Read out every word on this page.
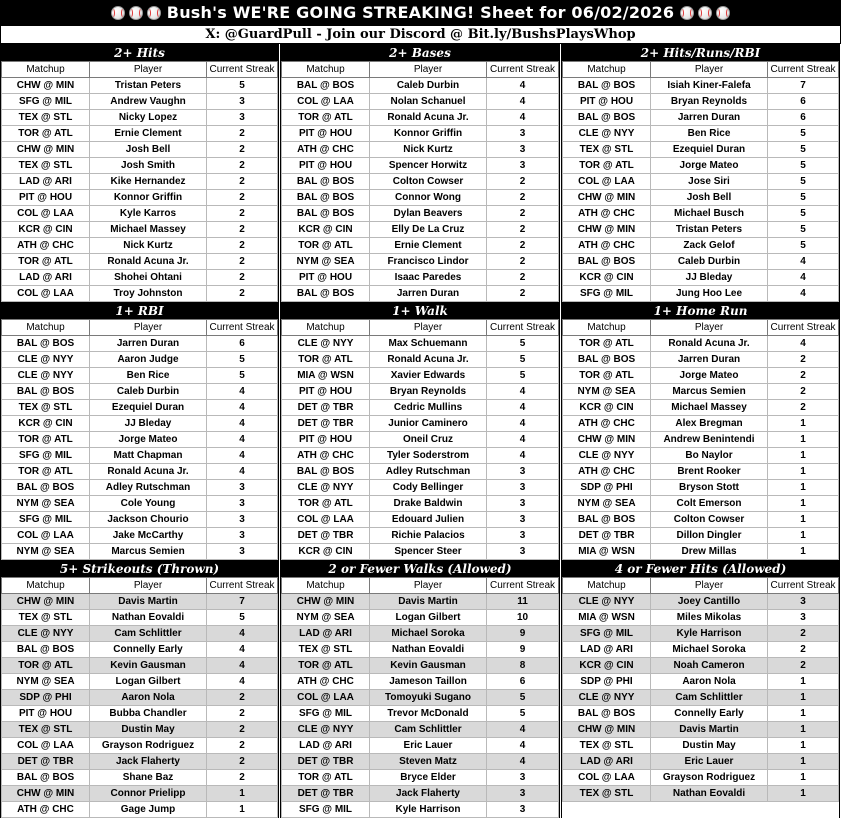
Bush's WE'RE GOING STREAKING! Sheet for 06/02/2026
X: @GuardPull - Join our Discord @ Bit.ly/BushsPlaysWhop
2+ Hits
Matchup	Player	Current Streak
CHW @ MIN	Tristan Peters	5
SFG @ MIL	Andrew Vaughn	3
TEX @ STL	Nicky Lopez	3
TOR @ ATL	Ernie Clement	2
CHW @ MIN	Josh Bell	2
TEX @ STL	Josh Smith	2
LAD @ ARI	Kike Hernandez	2
PIT @ HOU	Konnor Griffin	2
COL @ LAA	Kyle Karros	2
KCR @ CIN	Michael Massey	2
ATH @ CHC	Nick Kurtz	2
TOR @ ATL	Ronald Acuna Jr.	2
LAD @ ARI	Shohei Ohtani	2
COL @ LAA	Troy Johnston	2
2+ Bases
Matchup	Player	Current Streak
BAL @ BOS	Caleb Durbin	4
COL @ LAA	Nolan Schanuel	4
TOR @ ATL	Ronald Acuna Jr.	4
PIT @ HOU	Konnor Griffin	3
ATH @ CHC	Nick Kurtz	3
PIT @ HOU	Spencer Horwitz	3
BAL @ BOS	Colton Cowser	2
BAL @ BOS	Connor Wong	2
BAL @ BOS	Dylan Beavers	2
KCR @ CIN	Elly De La Cruz	2
TOR @ ATL	Ernie Clement	2
NYM @ SEA	Francisco Lindor	2
PIT @ HOU	Isaac Paredes	2
BAL @ BOS	Jarren Duran	2
2+ Hits/Runs/RBI
Matchup	Player	Current Streak
BAL @ BOS	Isiah Kiner-Falefa	7
PIT @ HOU	Bryan Reynolds	6
BAL @ BOS	Jarren Duran	6
CLE @ NYY	Ben Rice	5
TEX @ STL	Ezequiel Duran	5
TOR @ ATL	Jorge Mateo	5
COL @ LAA	Jose Siri	5
CHW @ MIN	Josh Bell	5
ATH @ CHC	Michael Busch	5
CHW @ MIN	Tristan Peters	5
ATH @ CHC	Zack Gelof	5
BAL @ BOS	Caleb Durbin	4
KCR @ CIN	JJ Bleday	4
SFG @ MIL	Jung Hoo Lee	4
1+ RBI
Matchup	Player	Current Streak
BAL @ BOS	Jarren Duran	6
CLE @ NYY	Aaron Judge	5
CLE @ NYY	Ben Rice	5
BAL @ BOS	Caleb Durbin	4
TEX @ STL	Ezequiel Duran	4
KCR @ CIN	JJ Bleday	4
TOR @ ATL	Jorge Mateo	4
SFG @ MIL	Matt Chapman	4
TOR @ ATL	Ronald Acuna Jr.	4
BAL @ BOS	Adley Rutschman	3
NYM @ SEA	Cole Young	3
SFG @ MIL	Jackson Chourio	3
COL @ LAA	Jake McCarthy	3
NYM @ SEA	Marcus Semien	3
1+ Walk
Matchup	Player	Current Streak
CLE @ NYY	Max Schuemann	5
TOR @ ATL	Ronald Acuna Jr.	5
MIA @ WSN	Xavier Edwards	5
PIT @ HOU	Bryan Reynolds	4
DET @ TBR	Cedric Mullins	4
DET @ TBR	Junior Caminero	4
PIT @ HOU	Oneil Cruz	4
ATH @ CHC	Tyler Soderstrom	4
BAL @ BOS	Adley Rutschman	3
CLE @ NYY	Cody Bellinger	3
TOR @ ATL	Drake Baldwin	3
COL @ LAA	Edouard Julien	3
DET @ TBR	Richie Palacios	3
KCR @ CIN	Spencer Steer	3
1+ Home Run
Matchup	Player	Current Streak
TOR @ ATL	Ronald Acuna Jr.	4
BAL @ BOS	Jarren Duran	2
TOR @ ATL	Jorge Mateo	2
NYM @ SEA	Marcus Semien	2
KCR @ CIN	Michael Massey	2
ATH @ CHC	Alex Bregman	1
CHW @ MIN	Andrew Benintendi	1
CLE @ NYY	Bo Naylor	1
ATH @ CHC	Brent Rooker	1
SDP @ PHI	Bryson Stott	1
NYM @ SEA	Colt Emerson	1
BAL @ BOS	Colton Cowser	1
DET @ TBR	Dillon Dingler	1
MIA @ WSN	Drew Millas	1
5+ Strikeouts (Thrown)
Matchup	Player	Current Streak
CHW @ MIN	Davis Martin	7
TEX @ STL	Nathan Eovaldi	5
CLE @ NYY	Cam Schlittler	4
BAL @ BOS	Connelly Early	4
TOR @ ATL	Kevin Gausman	4
NYM @ SEA	Logan Gilbert	4
SDP @ PHI	Aaron Nola	2
PIT @ HOU	Bubba Chandler	2
TEX @ STL	Dustin May	2
COL @ LAA	Grayson Rodriguez	2
DET @ TBR	Jack Flaherty	2
BAL @ BOS	Shane Baz	2
CHW @ MIN	Connor Prielipp	1
ATH @ CHC	Gage Jump	1
2 or Fewer Walks (Allowed)
Matchup	Player	Current Streak
CHW @ MIN	Davis Martin	11
NYM @ SEA	Logan Gilbert	10
LAD @ ARI	Michael Soroka	9
TEX @ STL	Nathan Eovaldi	9
TOR @ ATL	Kevin Gausman	8
ATH @ CHC	Jameson Taillon	6
COL @ LAA	Tomoyuki Sugano	5
SFG @ MIL	Trevor McDonald	5
CLE @ NYY	Cam Schlittler	4
LAD @ ARI	Eric Lauer	4
DET @ TBR	Steven Matz	4
TOR @ ATL	Bryce Elder	3
DET @ TBR	Jack Flaherty	3
SFG @ MIL	Kyle Harrison	3
4 or Fewer Hits (Allowed)
Matchup	Player	Current Streak
CLE @ NYY	Joey Cantillo	3
MIA @ WSN	Miles Mikolas	3
SFG @ MIL	Kyle Harrison	2
LAD @ ARI	Michael Soroka	2
KCR @ CIN	Noah Cameron	2
SDP @ PHI	Aaron Nola	1
CLE @ NYY	Cam Schlittler	1
BAL @ BOS	Connelly Early	1
CHW @ MIN	Davis Martin	1
TEX @ STL	Dustin May	1
LAD @ ARI	Eric Lauer	1
COL @ LAA	Grayson Rodriguez	1
TEX @ STL	Nathan Eovaldi	1
